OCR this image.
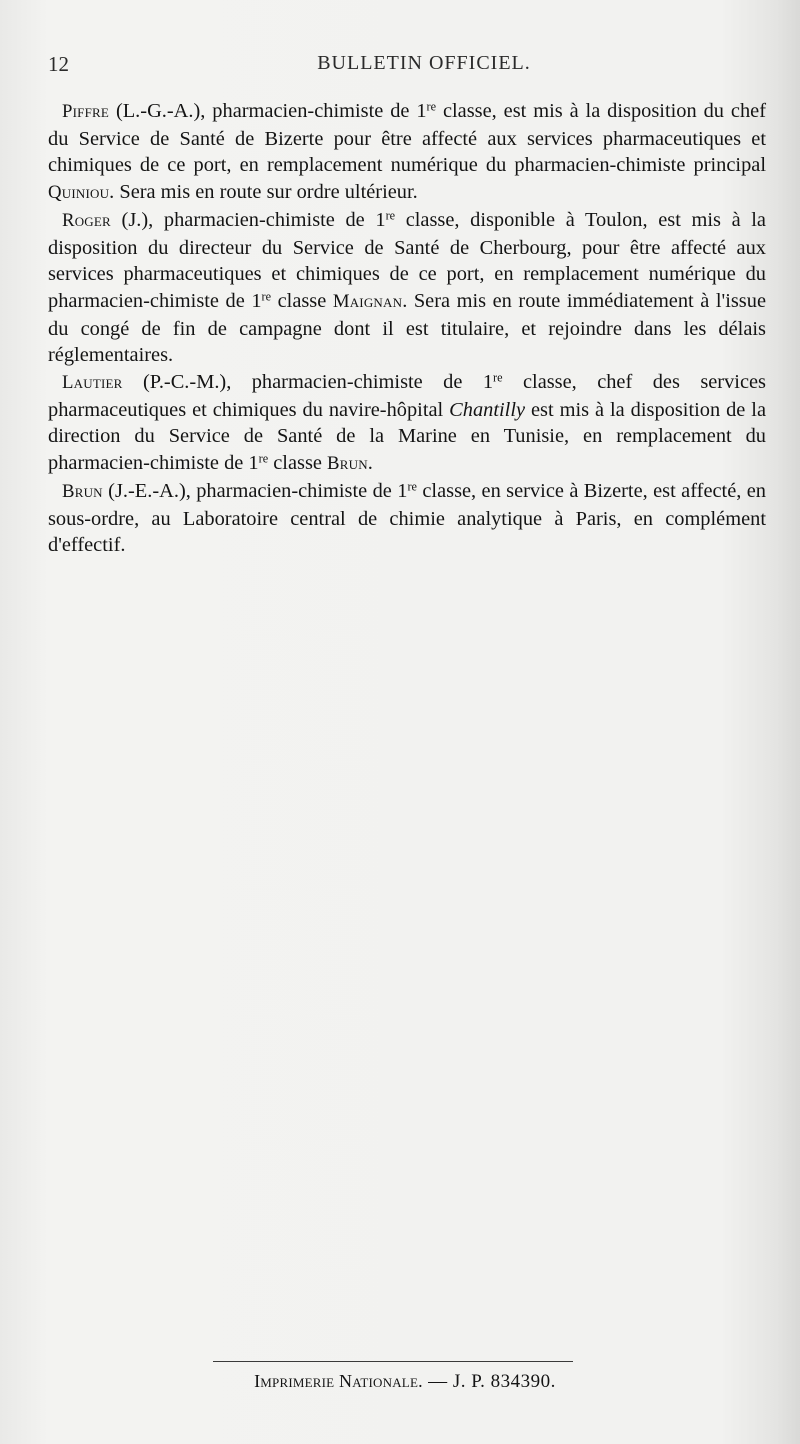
12	BULLETIN OFFICIEL.

Piffre (L.-G.-A.), pharmacien-chimiste de 1re classe, est mis à la disposition du chef du Service de Santé de Bizerte pour être affecté aux services pharmaceutiques et chimiques de ce port, en remplacement numérique du pharmacien-chimiste principal Quiniou. Sera mis en route sur ordre ultérieur.

Roger (J.), pharmacien-chimiste de 1re classe, disponible à Toulon, est mis à la disposition du directeur du Service de Santé de Cherbourg, pour être affecté aux services pharmaceutiques et chimiques de ce port, en remplacement numérique du pharmacien-chimiste de 1re classe Maignan. Sera mis en route immédiatement à l'issue du congé de fin de campagne dont il est titulaire, et rejoindre dans les délais réglementaires.

Lautier (P.-C.-M.), pharmacien-chimiste de 1re classe, chef des services pharmaceutiques et chimiques du navire-hôpital Chantilly est mis à la disposition de la direction du Service de Santé de la Marine en Tunisie, en remplacement du pharmacien-chimiste de 1re classe Brun.

Brun (J.-E.-A.), pharmacien-chimiste de 1re classe, en service à Bizerte, est affecté, en sous-ordre, au Laboratoire central de chimie analytique à Paris, en complément d'effectif.

Imprimerie Nationale. — J. P. 834390.
